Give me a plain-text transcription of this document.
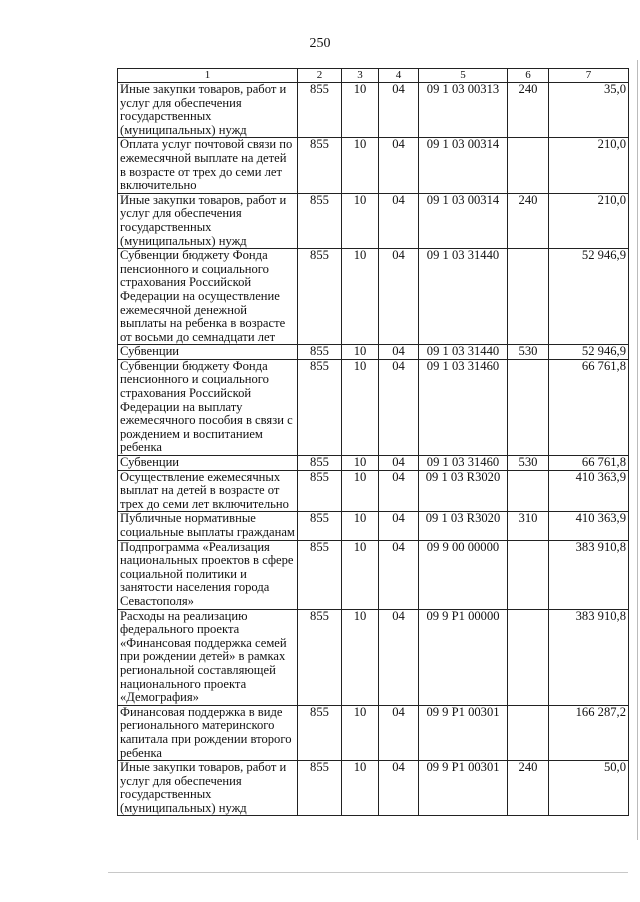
250
1	2	3	4	5	6	7
Иные закупки товаров, работ и услуг для обеспечения государственных (муниципальных) нужд	855	10	04	09 1 03 00313	240	35,0
Оплата услуг почтовой связи по ежемесячной выплате на детей в возрасте от трех до семи лет включительно	855	10	04	09 1 03 00314		210,0
Иные закупки товаров, работ и услуг для обеспечения государственных (муниципальных) нужд	855	10	04	09 1 03 00314	240	210,0
Субвенции бюджету Фонда пенсионного и социального страхования Российской Федерации на осуществление ежемесячной денежной выплаты на ребенка в возрасте от восьми до семнадцати лет	855	10	04	09 1 03 31440		52 946,9
Субвенции	855	10	04	09 1 03 31440	530	52 946,9
Субвенции бюджету Фонда пенсионного и социального страхования Российской Федерации на выплату ежемесячного пособия в связи с рождением и воспитанием ребенка	855	10	04	09 1 03 31460		66 761,8
Субвенции	855	10	04	09 1 03 31460	530	66 761,8
Осуществление ежемесячных выплат на детей в возрасте от трех до семи лет включительно	855	10	04	09 1 03 R3020		410 363,9
Публичные нормативные социальные выплаты гражданам	855	10	04	09 1 03 R3020	310	410 363,9
Подпрограмма «Реализация национальных проектов в сфере социальной политики и занятости населения города Севастополя»	855	10	04	09 9 00 00000		383 910,8
Расходы на реализацию федерального проекта «Финансовая поддержка семей при рождении детей» в рамках региональной составляющей национального проекта «Демография»	855	10	04	09 9 P1 00000		383 910,8
Финансовая поддержка в виде регионального материнского капитала при рождении второго ребенка	855	10	04	09 9 P1 00301		166 287,2
Иные закупки товаров, работ и услуг для обеспечения государственных (муниципальных) нужд	855	10	04	09 9 P1 00301	240	50,0
